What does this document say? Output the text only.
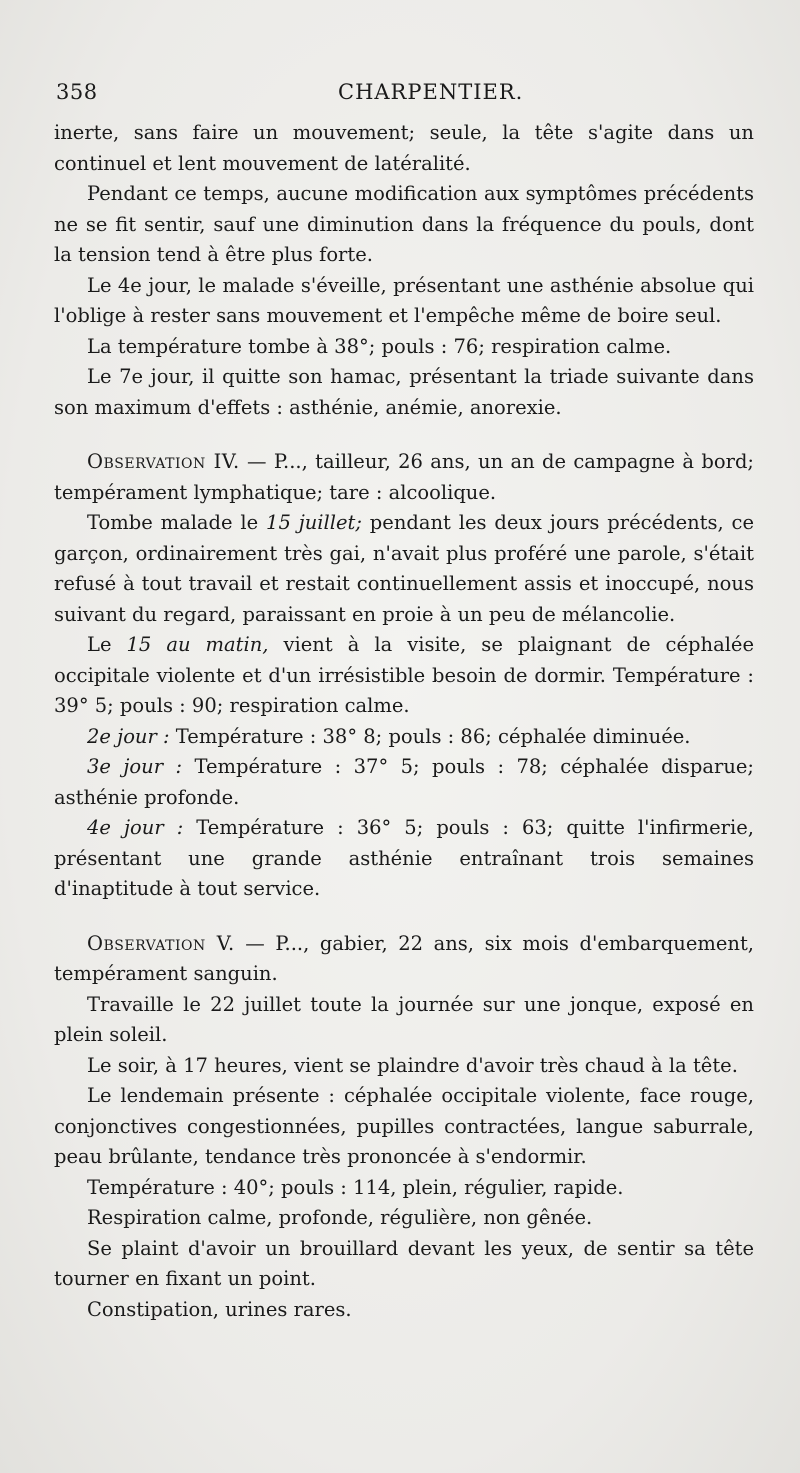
358	CHARPENTIER.

inerte, sans faire un mouvement; seule, la tête s'agite dans un continuel et lent mouvement de latéralité.

Pendant ce temps, aucune modification aux symptômes précédents ne se fit sentir, sauf une diminution dans la fréquence du pouls, dont la tension tend à être plus forte.

Le 4e jour, le malade s'éveille, présentant une asthénie absolue qui l'oblige à rester sans mouvement et l'empêche même de boire seul.

La température tombe à 38°; pouls : 76; respiration calme.

Le 7e jour, il quitte son hamac, présentant la triade suivante dans son maximum d'effets : asthénie, anémie, anorexie.

Observation IV. — P..., tailleur, 26 ans, un an de campagne à bord; tempérament lymphatique; tare : alcoolique.

Tombe malade le 15 juillet; pendant les deux jours précédents, ce garçon, ordinairement très gai, n'avait plus proféré une parole, s'était refusé à tout travail et restait continuellement assis et inoccupé, nous suivant du regard, paraissant en proie à un peu de mélancolie.

Le 15 au matin, vient à la visite, se plaignant de céphalée occipitale violente et d'un irrésistible besoin de dormir. Température : 39° 5; pouls : 90; respiration calme.

2e jour : Température : 38° 8; pouls : 86; céphalée diminuée.

3e jour : Température : 37° 5; pouls : 78; céphalée disparue; asthénie profonde.

4e jour : Température : 36° 5; pouls : 63; quitte l'infirmerie, présentant une grande asthénie entraînant trois semaines d'inaptitude à tout service.

Observation V. — P..., gabier, 22 ans, six mois d'embarquement, tempérament sanguin.

Travaille le 22 juillet toute la journée sur une jonque, exposé en plein soleil.

Le soir, à 17 heures, vient se plaindre d'avoir très chaud à la tête.

Le lendemain présente : céphalée occipitale violente, face rouge, conjonctives congestionnées, pupilles contractées, langue saburrale, peau brûlante, tendance très prononcée à s'endormir.

Température : 40°; pouls : 114, plein, régulier, rapide.

Respiration calme, profonde, régulière, non gênée.

Se plaint d'avoir un brouillard devant les yeux, de sentir sa tête tourner en fixant un point.

Constipation, urines rares.
